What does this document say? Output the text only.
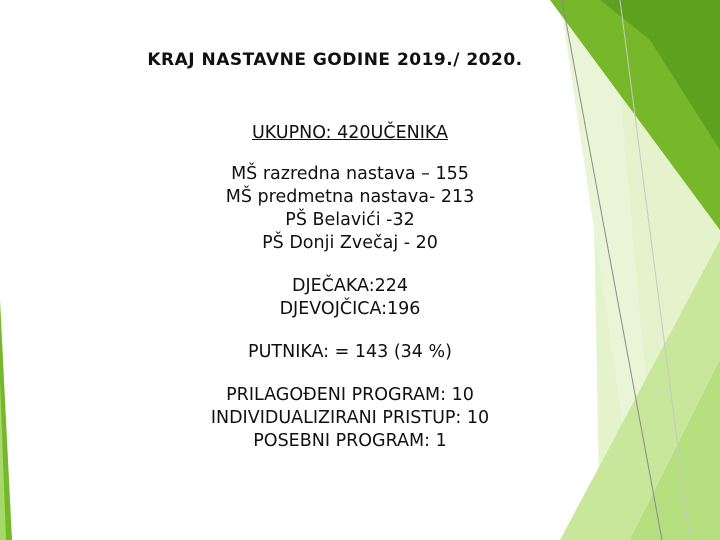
KRAJ NASTAVNE GODINE 2019./ 2020.
UKUPNO: 420UČENIKA
MŠ razredna nastava – 155
MŠ predmetna nastava- 213
PŠ Belavići -32
PŠ Donji Zvečaj - 20
DJEČAKA:224
DJEVOJČICA:196
PUTNIKA: = 143 (34 %)
PRILAGOĐENI PROGRAM: 10
INDIVIDUALIZIRANI PRISTUP: 10
POSEBNI PROGRAM: 1
